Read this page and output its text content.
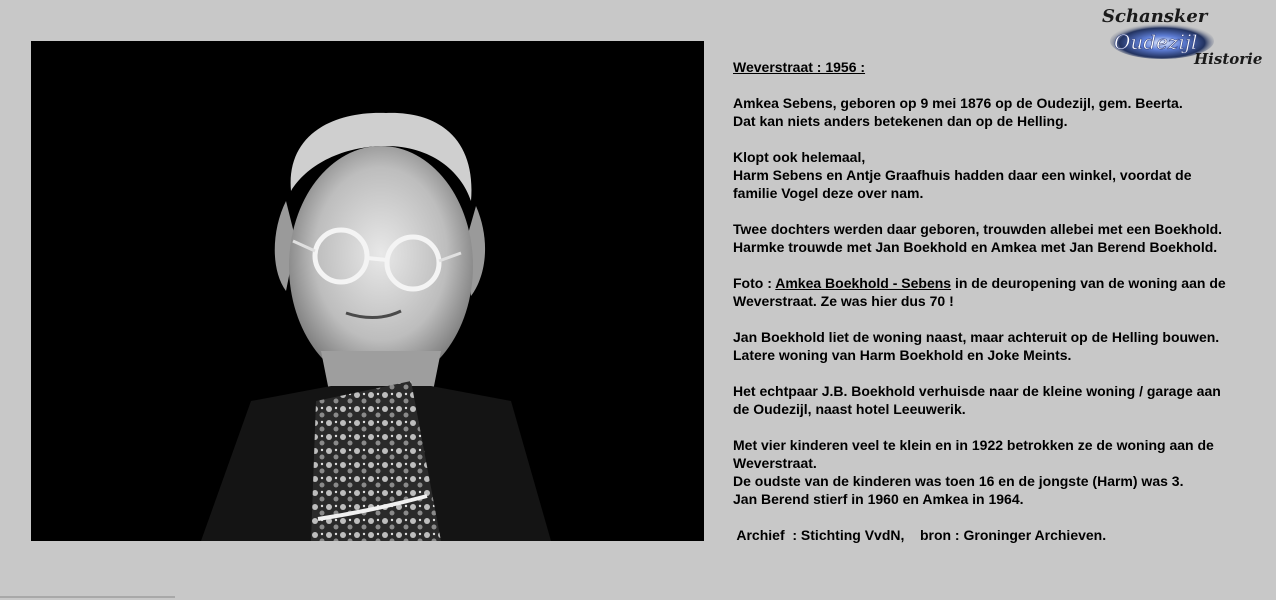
Schansker
Oudezijl
Historie

Weverstraat : 1956 :

Amkea Sebens, geboren op 9 mei 1876 op de Oudezijl, gem. Beerta.

Dat kan niets anders betekenen dan op de Helling.

Klopt ook helemaal,

Harm Sebens en Antje Graafhuis hadden daar een winkel, voordat de

familie Vogel deze over nam.

Twee dochters werden daar geboren, trouwden allebei met een Boekhold.

Harmke trouwde met Jan Boekhold en Amkea met Jan Berend Boekhold.

Foto : Amkea Boekhold - Sebens in de deuropening van de woning aan de

Weverstraat. Ze was hier dus 70 !

Jan Boekhold liet de woning naast, maar achteruit op de Helling bouwen.

Latere woning van Harm Boekhold en Joke Meints.

Het echtpaar J.B. Boekhold verhuisde naar de kleine woning / garage aan

de Oudezijl, naast hotel Leeuwerik.

Met vier kinderen veel te klein en in 1922 betrokken ze de woning aan de

Weverstraat.

De oudste van de kinderen was toen 16 en de jongste (Harm) was 3.

Jan Berend stierf in 1960 en Amkea in 1964.

Archief  : Stichting VvdN,    bron : Groninger Archieven.
